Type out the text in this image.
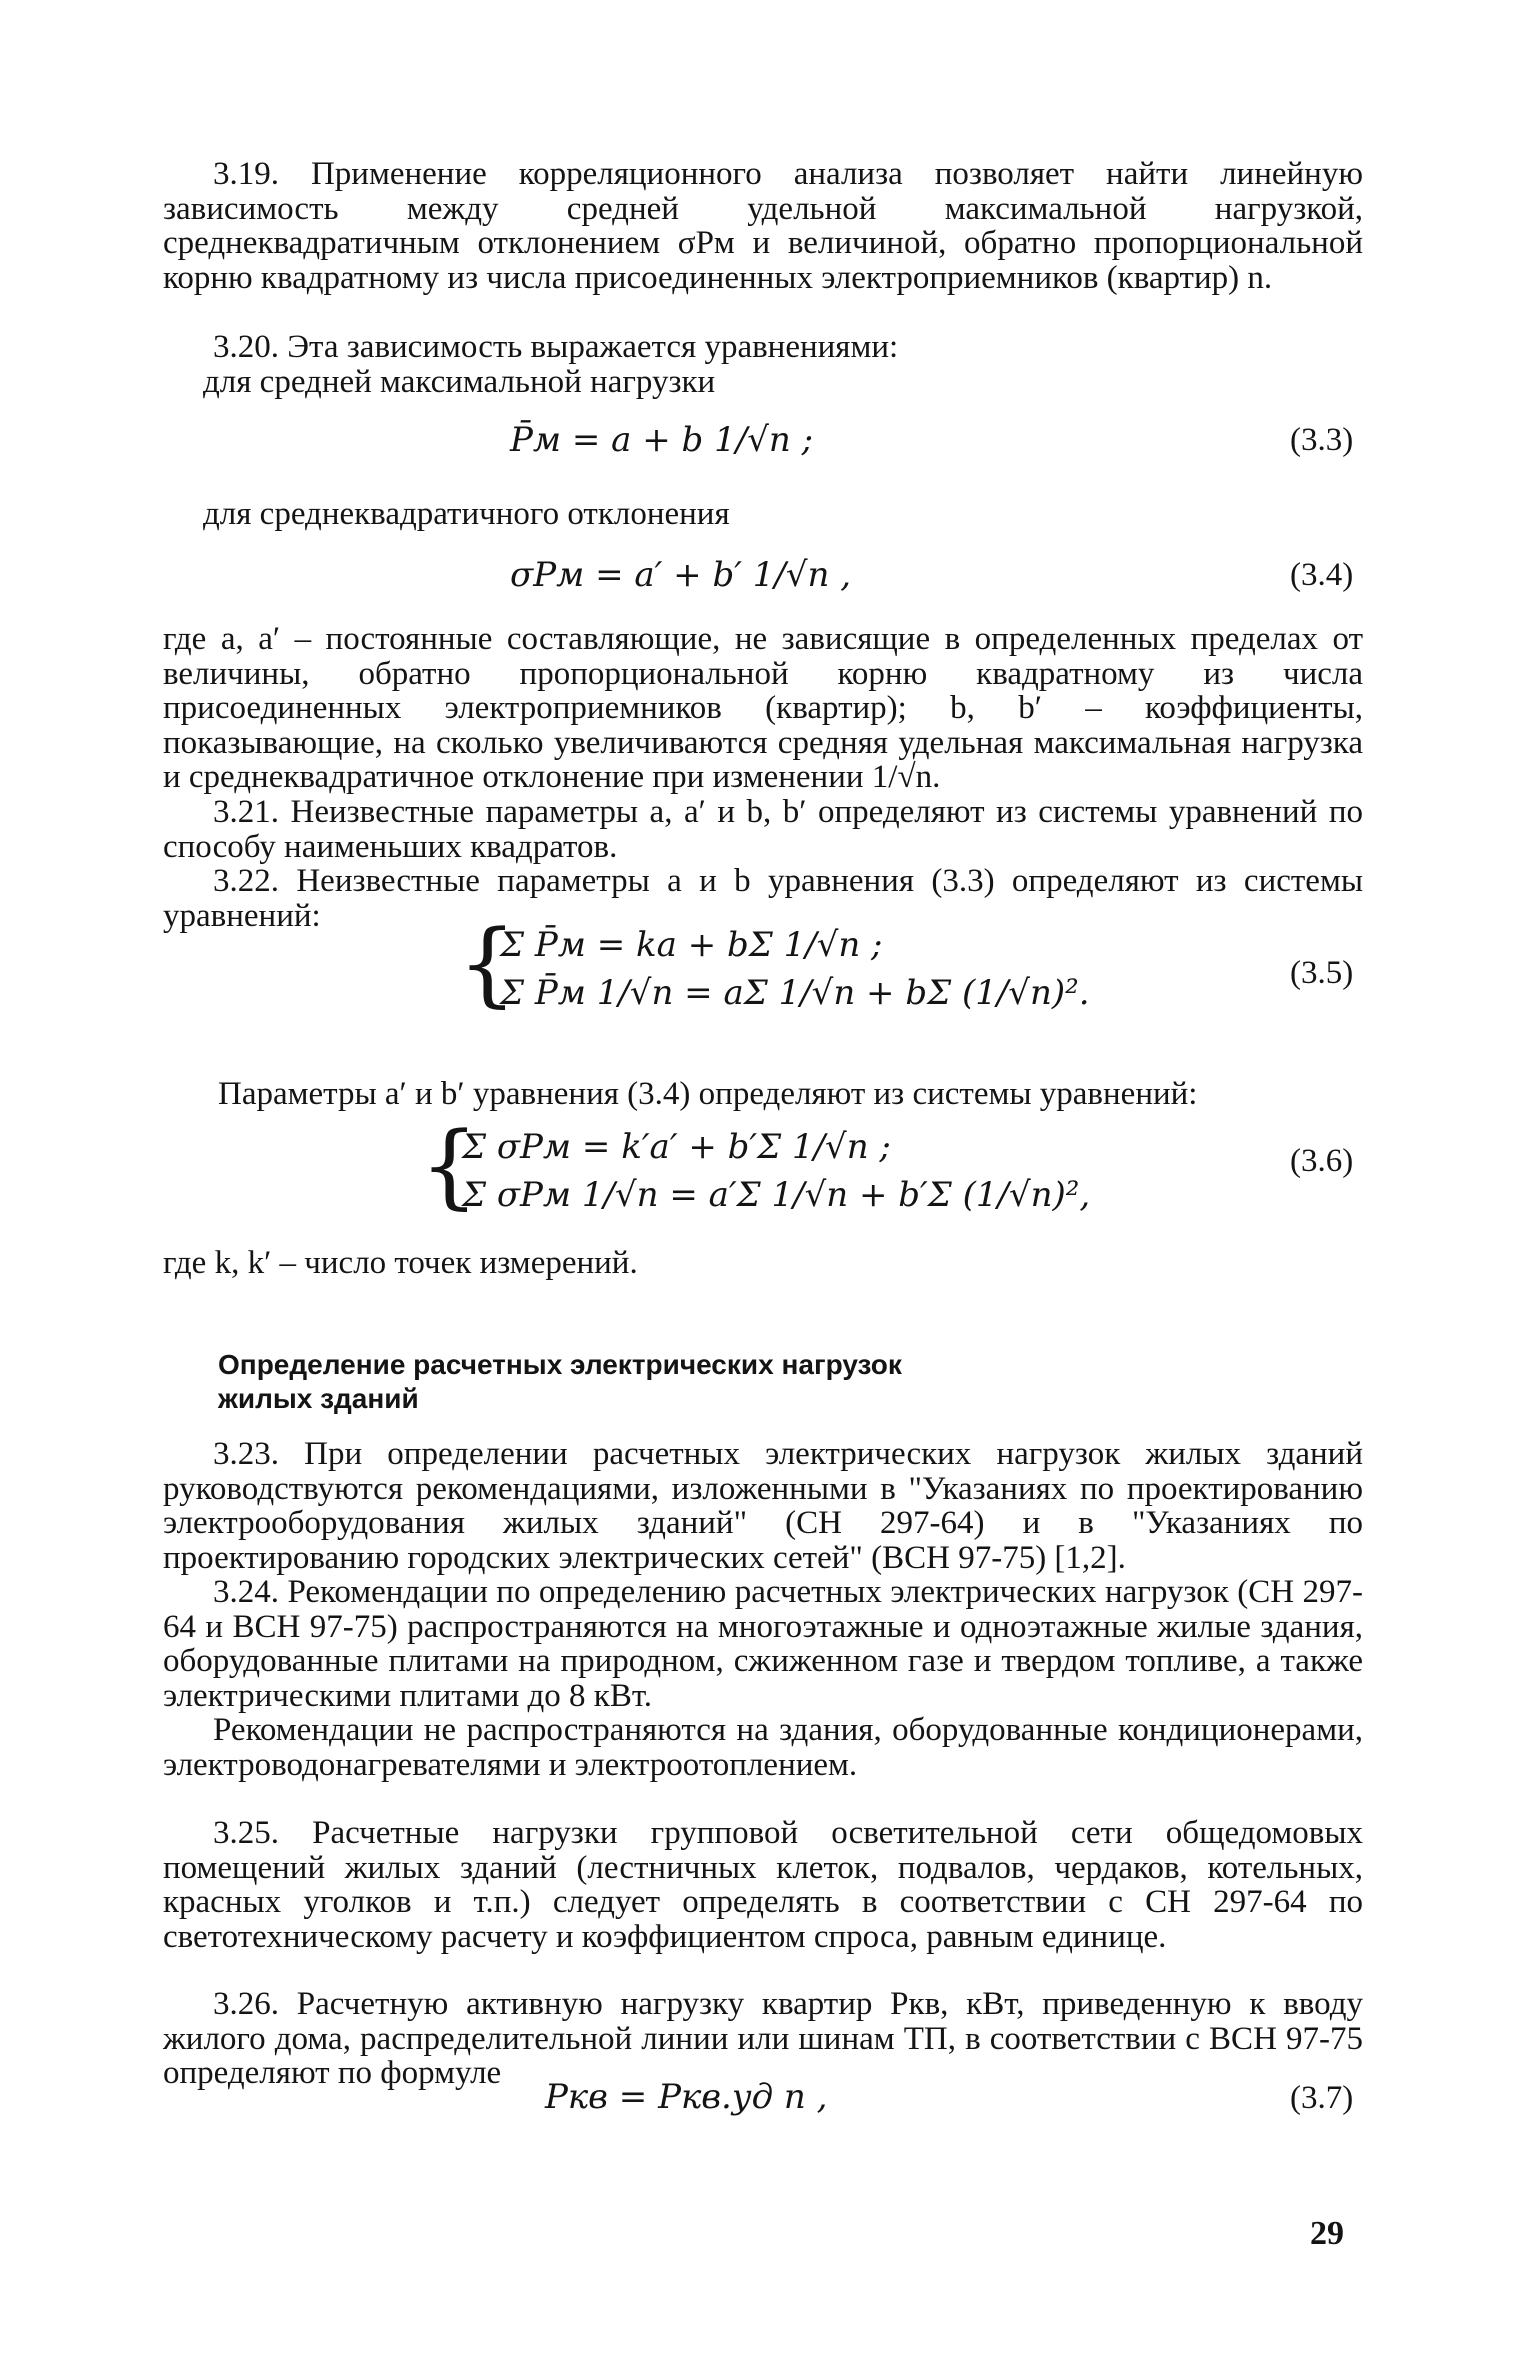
3.19. Применение корреляционного анализа позволяет найти линейную зависимость между средней удельной максимальной нагрузкой, среднеквадратичным отклонением σPм и величиной, обратно пропорциональной корню квадратному из числа присоединенных электроприемников (квартир) n.

3.20. Эта зависимость выражается уравнениями:

для средней максимальной нагрузки

P̄м = a + b 1/√n ;	(3.3)

для среднеквадратичного отклонения

σPм = a′ + b′ 1/√n ,	(3.4)

где a, a′ – постоянные составляющие, не зависящие в определенных пределах от величины, обратно пропорциональной корню квадратному из числа присоединенных электроприемников (квартир); b, b′ – коэффициенты, показывающие, на сколько увеличиваются средняя удельная максимальная нагрузка и среднеквадратичное отклонение при изменении 1/√n.

3.21. Неизвестные параметры a, a′ и b, b′ определяют из системы уравнений по способу наименьших квадратов.

3.22. Неизвестные параметры a и b уравнения (3.3) определяют из системы уравнений:	{
Σ P̄м = ka + bΣ 1/√n ;
Σ P̄м 1/√n = aΣ 1/√n + bΣ (1/√n)².	(3.5)

Параметры a′ и b′ уравнения (3.4) определяют из системы уравнений:

{
Σ σPм = k′a′ + b′Σ 1/√n ;
Σ σPм 1/√n = a′Σ 1/√n + b′Σ (1/√n)²,
(3.6)

где k, k′ – число точек измерений.

Определение расчетных электрических нагрузок
жилых зданий

3.23. При определении расчетных электрических нагрузок жилых зданий руководствуются рекомендациями, изложенными в "Указаниях по проектированию электрооборудования жилых зданий" (СН 297-64) и в "Указаниях по проектированию городских электрических сетей" (ВСН 97-75) [1,2].

3.24. Рекомендации по определению расчетных электрических нагрузок (СН 297-64 и ВСН 97-75) распространяются на многоэтажные и одноэтажные жилые здания, оборудованные плитами на природном, сжиженном газе и твердом топливе, а также электрическими плитами до 8 кВт.

Рекомендации не распространяются на здания, оборудованные кондиционерами, электроводонагревателями и электроотоплением.

3.25. Расчетные нагрузки групповой осветительной сети общедомовых помещений жилых зданий (лестничных клеток, подвалов, чердаков, котельных, красных уголков и т.п.) следует определять в соответствии с СН 297-64 по светотехническому расчету и коэффициентом спроса, равным единице.

3.26. Расчетную активную нагрузку квартир Pкв, кВт, приведенную к вводу жилого дома, распределительной линии или шинам ТП, в соответствии с ВСН 97-75 определяют по формуле

Pкв = Pкв.уд n ,	(3.7)
29
